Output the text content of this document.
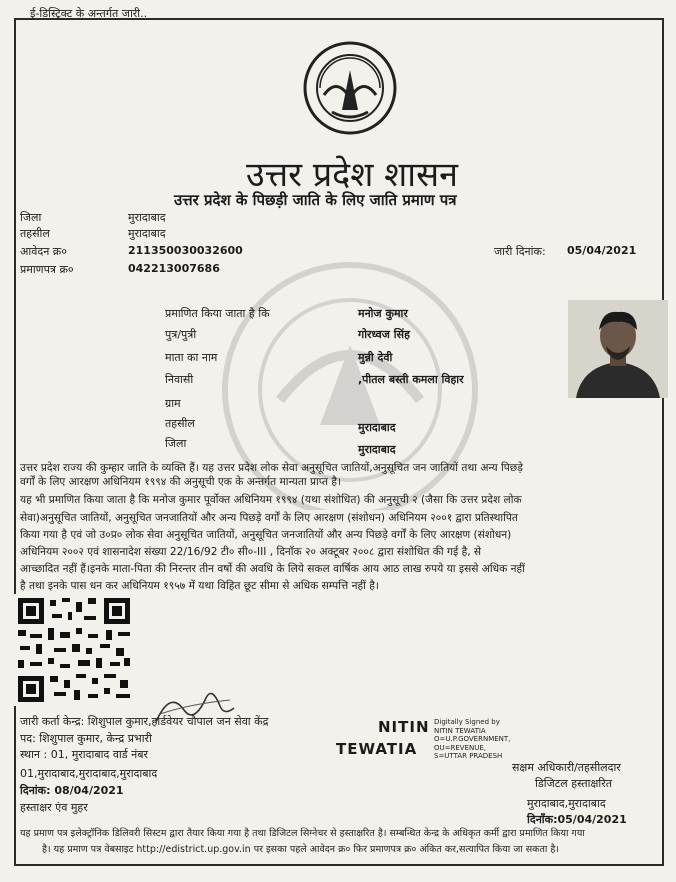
ई-डिस्ट्रिक्ट के अन्तर्गत जारी..
उत्तर प्रदेश शासन
उत्तर प्रदेश के पिछड़ी जाति के लिए जाति प्रमाण पत्र
जिला	मुरादाबाद
तहसील	मुरादाबाद
आवेदन क्र०	211350030032600
प्रमाणपत्र क्र०	042213007686
जारी दिनांक: 05/04/2021
प्रमाणित किया जाता है कि	मनोज कुमार
पुत्र/पुत्री	गोरध्वज सिंह
माता का नाम	मुन्नी देवी
निवासी	,पीतल बस्ती कमला विहार
ग्राम
तहसील	मुरादाबाद
जिला	मुरादाबाद
उत्तर प्रदेश राज्य की कुम्हार जाति के व्यक्ति हैं। यह उत्तर प्रदेश लोक सेवा अनुसूचित जातियों,अनुसूचित जन जातियों तथा अन्य पिछड़े
वर्गों के लिए आरक्षण अधिनियम १९९४ की अनुसूची एक के अन्तर्गत मान्यता प्राप्त है।
यह भी प्रमाणित किया जाता है कि मनोज कुमार पूर्वोक्त अधिनियम १९९४ (यथा संशोधित) की अनुसूची २ (जैसा कि उत्तर प्रदेश लोक
सेवा)अनुसूचित जातियों, अनुसूचित जनजातियों और अन्य पिछड़े वर्गों के लिए आरक्षण (संशोधन) अधिनियम २००१ द्वारा प्रतिस्थापित
किया गया है एवं जो उ०प्र० लोक सेवा अनुसूचित जातियों, अनुसूचित जनजातियों और अन्य पिछड़े वर्गों के लिए आरक्षण (संशोधन)
अधिनियम २००२ एवं शासनादेश संख्या 22/16/92 टी० सी०-III , दिनाँक २० अक्टूबर २००८ द्वारा संशोधित की गई है, से
आच्छादित नहीं हैं।इनके माता-पिता की निरन्तर तीन वर्षो की अवधि के लिये सकल वार्षिक आय आठ लाख रुपये या इससे अधिक नहीं
है तथा इनके पास धन कर अधिनियम १९५७ में यथा विहित छूट सीमा से अधिक सम्पत्ति नहीं है।
जारी कर्ता केन्द्र: शिशुपाल कुमार,हार्डवेयर चौपाल जन सेवा केंद्र
पद: शिशुपाल कुमार, केन्द्र प्रभारी
स्थान : 01, मुरादाबाद वार्ड नंबर
01,मुरादाबाद,मुरादाबाद,मुरादाबाद
दिनांक: 08/04/2021
हस्ताक्षर एंव मुहर
NITIN
TEWATIA
Digitally Signed by
NITIN TEWATIA
O=U.P.GOVERNMENT,
OU=REVENUE,
S=UTTAR PRADESH
सक्षम अधिकारी/तहसीलदार
डिजिटल हस्ताक्षरित
मुरादाबाद,मुरादाबाद
दिनाँक:05/04/2021
यह प्रमाण पत्र इलेक्ट्रॉनिक डिलिवरी सिस्टम द्वारा तैयार किया गया है तथा डिजिटल सिग्नेचर से हस्ताक्षरित है। सम्बन्धित केन्द्र के अधिकृत कर्मी द्वारा प्रमाणित किया गया
है। यह प्रमाण पत्र वेबसाइट http://edistrict.up.gov.in पर इसका पहले आवेदन क्र० फिर प्रमाणपत्र क्र० अंकित कर,सत्यापित किया जा सकता है।
